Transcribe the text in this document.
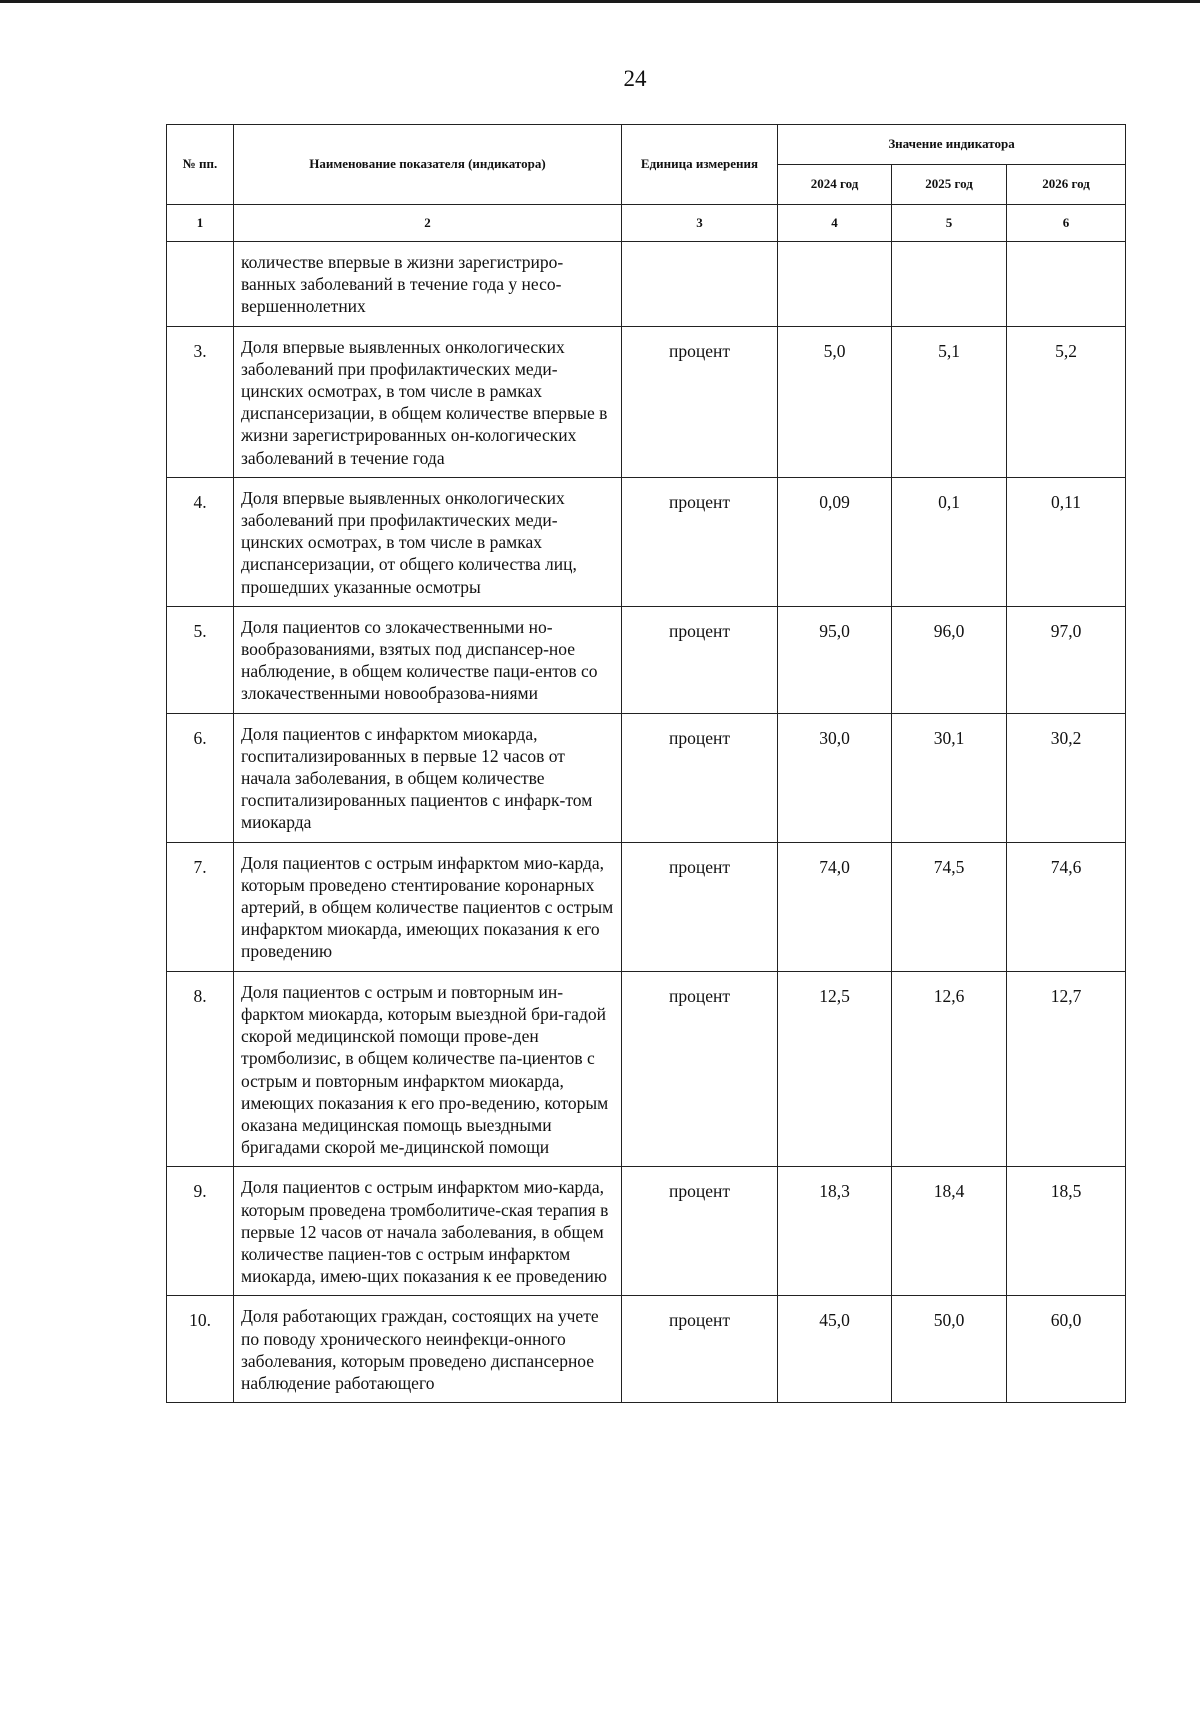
24
№ пп.	Наименование показателя (индикатора)	Единица измерения	Значение индикатора		
			2024 год	2025 год	2026 год
1	2	3	4	5	6
	количестве впервые в жизни зарегистриро-ванных заболеваний в течение года у несо-вершеннолетних				
3.	Доля впервые выявленных онкологических заболеваний при профилактических меди-цинских осмотрах, в том числе в рамках диспансеризации, в общем количестве впервые в жизни зарегистрированных он-кологических заболеваний в течение года	процент	5,0	5,1	5,2
4.	Доля впервые выявленных онкологических заболеваний при профилактических меди-цинских осмотрах, в том числе в рамках диспансеризации, от общего количества лиц, прошедших указанные осмотры	процент	0,09	0,1	0,11
5.	Доля пациентов со злокачественными но-вообразованиями, взятых под диспансер-ное наблюдение, в общем количестве паци-ентов со злокачественными новообразова-ниями	процент	95,0	96,0	97,0
6.	Доля пациентов с инфарктом миокарда, госпитализированных в первые 12 часов от начала заболевания, в общем количестве госпитализированных пациентов с инфарк-том миокарда	процент	30,0	30,1	30,2
7.	Доля пациентов с острым инфарктом мио-карда, которым проведено стентирование коронарных артерий, в общем количестве пациентов с острым инфарктом миокарда, имеющих показания к его проведению	процент	74,0	74,5	74,6
8.	Доля пациентов с острым и повторным ин-фарктом миокарда, которым выездной бри-гадой скорой медицинской помощи прове-ден тромболизис, в общем количестве па-циентов с острым и повторным инфарктом миокарда, имеющих показания к его про-ведению, которым оказана медицинская помощь выездными бригадами скорой ме-дицинской помощи	процент	12,5	12,6	12,7
9.	Доля пациентов с острым инфарктом мио-карда, которым проведена тромболитиче-ская терапия в первые 12 часов от начала заболевания, в общем количестве пациен-тов с острым инфарктом миокарда, имею-щих показания к ее проведению	процент	18,3	18,4	18,5
10.	Доля работающих граждан, состоящих на учете по поводу хронического неинфекци-онного заболевания, которым проведено диспансерное наблюдение работающего	процент	45,0	50,0	60,0
